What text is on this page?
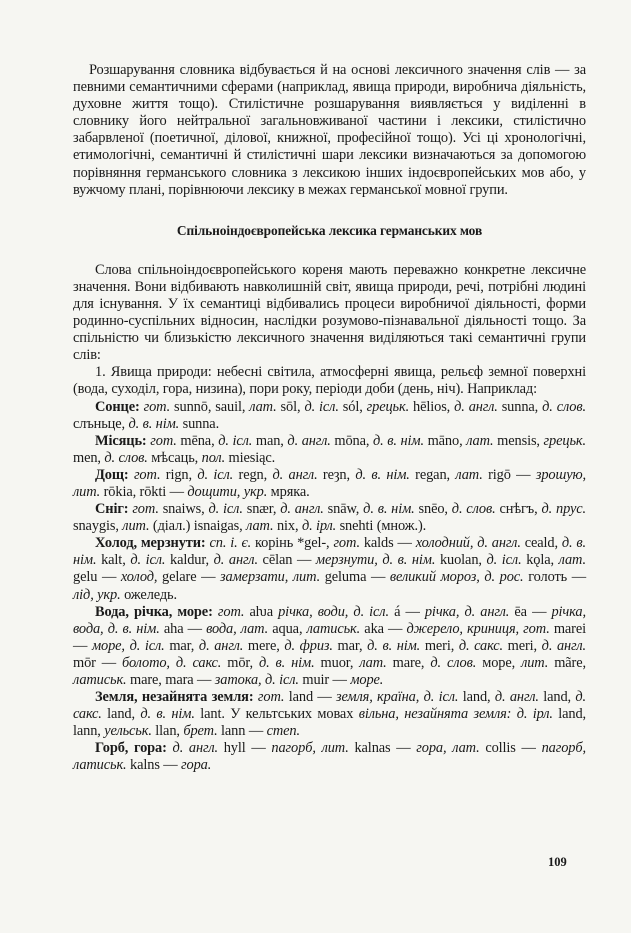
Розшарування словника відбувається й на основі лексичного значення слів — за певними семантичними сферами (наприклад, явища природи, виробнича діяльність, духовне життя тощо). Стилістичне розшарування виявляється у виділенні в словнику його нейтральної загальновживаної частини і лексики, стилістично забарвленої (поетичної, ділової, книжної, професійної тощо). Усі ці хронологічні, етимологічні, семантичні й стилістичні шари лексики визначаються за допомогою порівняння германського словника з лексикою інших індоєвропейських мов або, у вужчому плані, порівнюючи лексику в межах германської мовної групи.

Спільноіндоєвропейська лексика германських мов

Слова спільноіндоєвропейського кореня мають переважно конкретне лексичне значення. Вони відбивають навколишній світ, явища природи, речі, потрібні людині для існування. У їх семантиці відбивались процеси виробничої діяльності, форми родинно-суспільних відносин, наслідки розумово-пізнавальної діяльності тощо. За спільністю чи близькістю лексичного значення виділяються такі семантичні групи слів:

1. Явища природи: небесні світила, атмосферні явища, рельєф земної поверхні (вода, суходіл, гора, низина), пори року, періоди доби (день, ніч). Наприклад:

Сонце: гот. sunnō, sauil, лат. sōl, д. ісл. sól, грецьк. hēlios, д. англ. sunna, д. слов. слъньце, д. в. нім. sunna.

Місяць: гот. mēna, д. ісл. man, д. англ. mōna, д. в. нім. māno, лат. mensis, грецьк. men, д. слов. мѣсаць, пол. miesiąc.

Дощ: гот. rign, д. ісл. regn, д. англ. reȝn, д. в. нім. regan, лат. rigō — зрошую, лит. rōkia, rōkti — дощити, укр. мряка.

Сніг: гот. snaiws, д. ісл. snær, д. англ. snāw, д. в. нім. snēo, д. слов. снѣгъ, д. прус. snaygis, лит. (діал.) isnaigas, лат. nix, д. ірл. snehti (множ.).

Холод, мерзнути: сп. і. є. корінь *gel-, гот. kalds — холодний, д. англ. ceald, д. в. нім. kalt, д. ісл. kaldur, д. англ. cēlan — мерзнути, д. в. нім. kuolan, д. ісл. kǫla, лат. gelu — холод, gelare — замерзати, лит. geluma — великий мороз, д. рос. голоть — лід, укр. ожеледь.

Вода, річка, море: гот. aƕa річка, води, д. ісл. á — річка, д. англ. ēa — річка, вода, д. в. нім. aha — вода, лат. aqua, латиськ. aka — джерело, криниця, гот. marei — море, д. ісл. mar, д. англ. mere, д. фриз. mar, д. в. нім. meri, д. сакс. meri, д. англ. mōr — болото, д. сакс. mōr, д. в. нім. muor, лат. mare, д. слов. море, лит. mãre, латиськ. mare, mara — затока, д. ісл. muir — море.

Земля, незайнята земля: гот. land — земля, країна, д. ісл. land, д. англ. land, д. сакс. land, д. в. нім. lant. У кельтських мовах вільна, незайнята земля: д. ірл. land, lann, уельськ. llan, брет. lann — степ.

Горб, гора: д. англ. hyll — пагорб, лит. kalnas — гора, лат. collis — пагорб, латиськ. kalns — гора.

109
